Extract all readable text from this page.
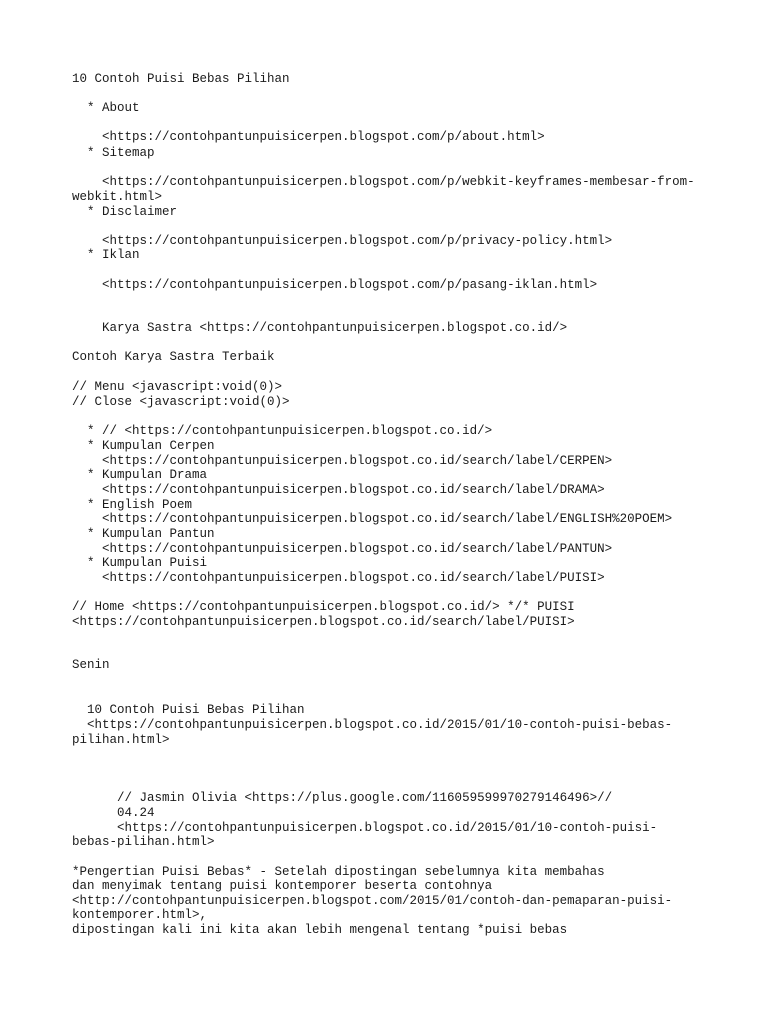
10 Contoh Puisi Bebas Pilihan

* About

<https://contohpantunpuisicerpen.blogspot.com/p/about.html>

* Sitemap

<https://contohpantunpuisicerpen.blogspot.com/p/webkit-keyframes-membesar-from-

webkit.html>

* Disclaimer

<https://contohpantunpuisicerpen.blogspot.com/p/privacy-policy.html>

* Iklan

<https://contohpantunpuisicerpen.blogspot.com/p/pasang-iklan.html>

Karya Sastra <https://contohpantunpuisicerpen.blogspot.co.id/>

Contoh Karya Sastra Terbaik

// Menu <javascript:void(0)>

// Close <javascript:void(0)>

* // <https://contohpantunpuisicerpen.blogspot.co.id/>

* Kumpulan Cerpen

<https://contohpantunpuisicerpen.blogspot.co.id/search/label/CERPEN>

* Kumpulan Drama

<https://contohpantunpuisicerpen.blogspot.co.id/search/label/DRAMA>

* English Poem

<https://contohpantunpuisicerpen.blogspot.co.id/search/label/ENGLISH%20POEM>

* Kumpulan Pantun

<https://contohpantunpuisicerpen.blogspot.co.id/search/label/PANTUN>

* Kumpulan Puisi

<https://contohpantunpuisicerpen.blogspot.co.id/search/label/PUISI>

// Home <https://contohpantunpuisicerpen.blogspot.co.id/> */* PUISI

<https://contohpantunpuisicerpen.blogspot.co.id/search/label/PUISI>

Senin

10 Contoh Puisi Bebas Pilihan

<https://contohpantunpuisicerpen.blogspot.co.id/2015/01/10-contoh-puisi-bebas-

pilihan.html>

// Jasmin Olivia <https://plus.google.com/116059599970279146496>//

04.24

<https://contohpantunpuisicerpen.blogspot.co.id/2015/01/10-contoh-puisi-

bebas-pilihan.html>

*Pengertian Puisi Bebas* - Setelah dipostingan sebelumnya kita membahas

dan menyimak tentang puisi kontemporer beserta contohnya

<http://contohpantunpuisicerpen.blogspot.com/2015/01/contoh-dan-pemaparan-puisi-

kontemporer.html>,

dipostingan kali ini kita akan lebih mengenal tentang *puisi bebas
